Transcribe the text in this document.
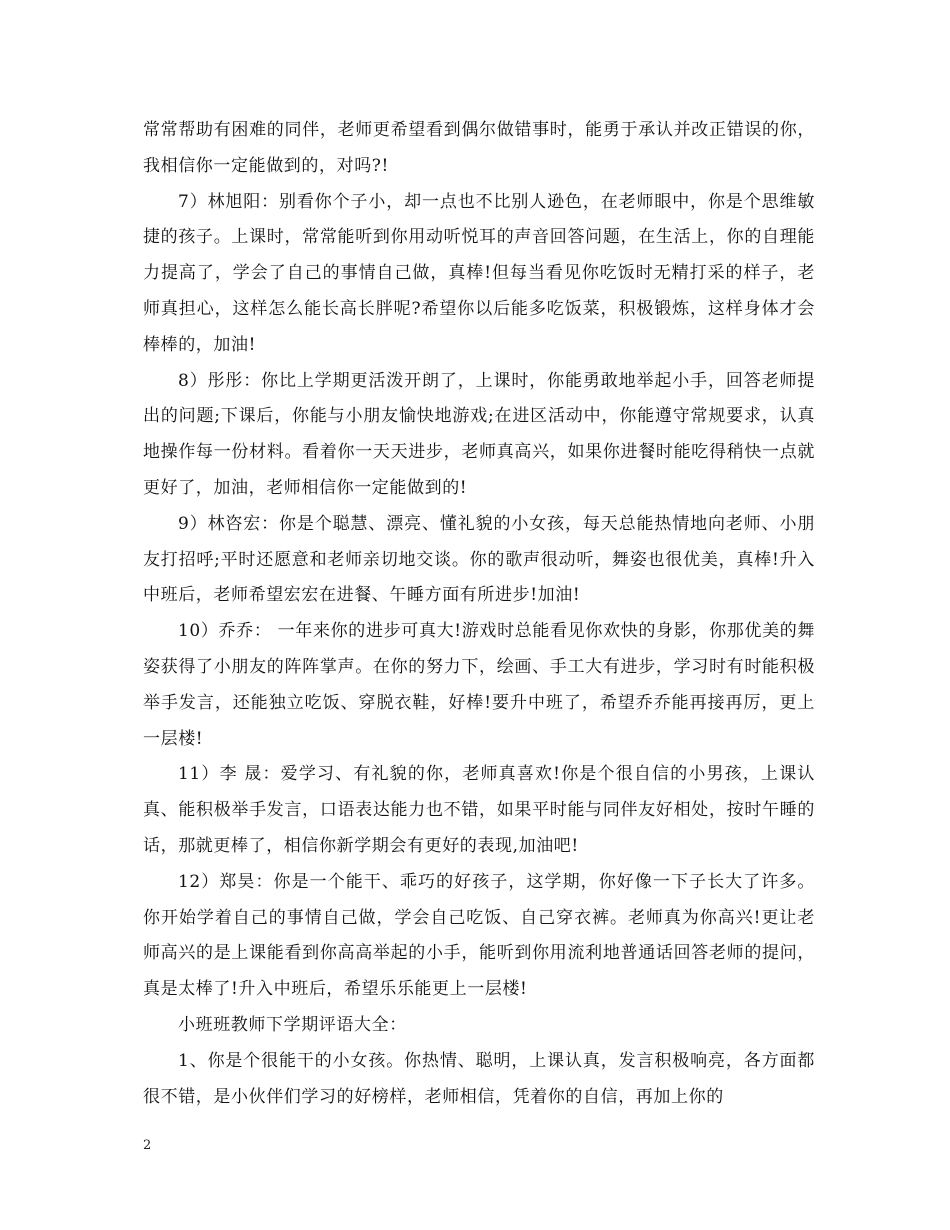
常常帮助有困难的同伴，老师更希望看到偶尔做错事时，能勇于承认并改正错误的你，我相信你一定能做到的，对吗?!

7）林旭阳：别看你个子小，却一点也不比别人逊色，在老师眼中，你是个思维敏捷的孩子。上课时，常常能听到你用动听悦耳的声音回答问题，在生活上，你的自理能力提高了，学会了自己的事情自己做，真棒!但每当看见你吃饭时无精打采的样子，老师真担心，这样怎么能长高长胖呢?希望你以后能多吃饭菜，积极锻炼，这样身体才会棒棒的，加油!

8）彤彤：你比上学期更活泼开朗了，上课时，你能勇敢地举起小手，回答老师提出的问题;下课后，你能与小朋友愉快地游戏;在进区活动中，你能遵守常规要求，认真地操作每一份材料。看着你一天天进步，老师真高兴，如果你进餐时能吃得稍快一点就更好了，加油，老师相信你一定能做到的!

9）林咨宏：你是个聪慧、漂亮、懂礼貌的小女孩，每天总能热情地向老师、小朋友打招呼;平时还愿意和老师亲切地交谈。你的歌声很动听，舞姿也很优美，真棒!升入中班后，老师希望宏宏在进餐、午睡方面有所进步!加油!

10）乔乔： 一年来你的进步可真大!游戏时总能看见你欢快的身影，你那优美的舞姿获得了小朋友的阵阵掌声。在你的努力下，绘画、手工大有进步，学习时有时能积极举手发言，还能独立吃饭、穿脱衣鞋，好棒!要升中班了，希望乔乔能再接再厉，更上一层楼!

11）李 晟：爱学习、有礼貌的你，老师真喜欢!你是个很自信的小男孩，上课认真、能积极举手发言，口语表达能力也不错，如果平时能与同伴友好相处，按时午睡的话，那就更棒了，相信你新学期会有更好的表现,加油吧!

12）郑昊：你是一个能干、乖巧的好孩子，这学期，你好像一下子长大了许多。你开始学着自己的事情自己做，学会自己吃饭、自己穿衣裤。老师真为你高兴!更让老师高兴的是上课能看到你高高举起的小手，能听到你用流利地普通话回答老师的提问，真是太棒了!升入中班后，希望乐乐能更上一层楼!

小班班教师下学期评语大全：

1、你是个很能干的小女孩。你热情、聪明，上课认真，发言积极响亮，各方面都很不错，是小伙伴们学习的好榜样，老师相信，凭着你的自信，再加上你的

2
